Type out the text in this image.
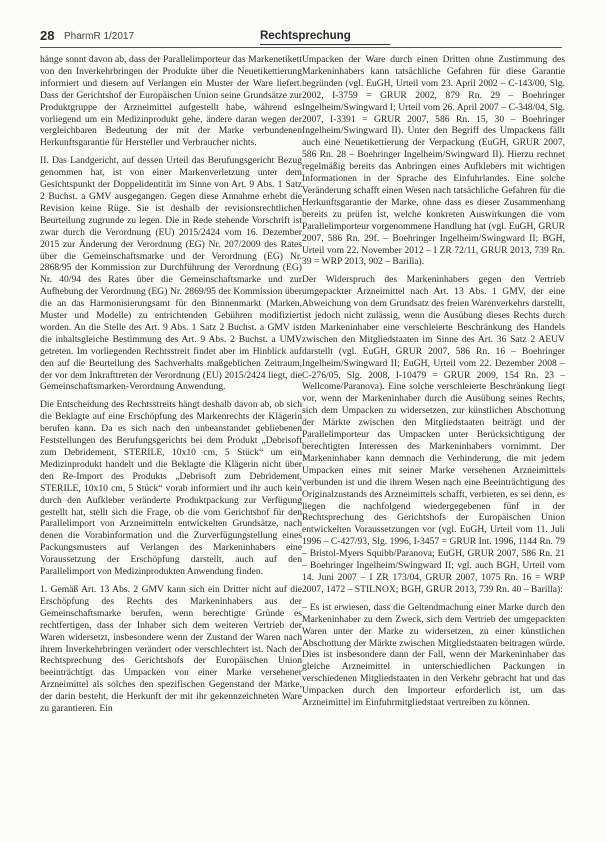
28 PharmR 1/2017	Rechtsprechung

hänge sonnt davon ab, dass der Parallelimporteur das Markenetikett von den Inverkehrbringen der Produkte über die Neuetikettierung informiert und diesem auf Verlangen ein Muster der Ware liefert. Dass der Gerichtshof der Europäischen Union seine Grundsätze zur Produktgruppe der Arzneimittel aufgestellt habe, während es vorliegend um ein Medizinprodukt gehe, ändere daran wegen der vergleichbaren Bedeutung der mit der Marke verbundenen Herkunftsgarantie für Hersteller und Verbraucher nichts.

II. Das Landgericht, auf dessen Urteil das Berufungsgericht Bezug genommen hat, ist von einer Markenverletzung unter dem Gesichtspunkt der Doppelidentität im Sinne von Art. 9 Abs. 1 Satz 2 Buchst. a GMV ausgegangen. Gegen diese Annahme erhebt die Revision keine Rüge. Sie ist deshalb der revisionsrechtlichen Beurteilung zugrunde zu legen. Die in Rede stehende Vorschrift ist zwar durch die Verordnung (EU) 2015/2424 vom 16. Dezember 2015 zur Änderung der Verordnung (EG) Nr. 207/2009 des Rates über die Gemeinschaftsmarke und der Verordnung (EG) Nr. 2868/95 der Kommission zur Durchführung der Verordnung (EG) Nr. 40/94 des Rates über die Gemeinschaftsmarke und zur Aufhebung der Verordnung (EG) Nr. 2869/95 der Kommission über die an das Harmonisierungsamt für den Binnenmarkt (Marken, Muster und Modelle) zu entrichtenden Gebühren modifiziert worden. An die Stelle des Art. 9 Abs. 1 Satz 2 Buchst. a GMV ist die inhaltsgleiche Bestimmung des Art. 9 Abs. 2 Buchst. a UMV getreten. Im vorliegenden Rechtsstreit findet aber im Hinblick auf den auf die Beurteilung des Sachverhalts maßgeblichen Zeitraum, der vor dem Inkrafttreten der Verordnung (EU) 2015/2424 liegt, die Gemeinschaftsmarken-Verordnung Anwendung.

Die Entscheidung des Rechtsstreits hängt deshalb davon ab, ob sich die Beklagte auf eine Erschöpfung des Markenrechts der Klägerin berufen kann. Da es sich nach den unbeanstandet gebliebenen Feststellungen des Berufungsgerichts bei dem Produkt „Debrisoft zum Debridement, STERILE, 10x10 cm, 5 Stück“ um ein Medizinprodukt handelt und die Beklagte die Klägerin nicht über den Re-Import des Produkts „Debrisoft zum Debridement, STERILE, 10x10 cm, 5 Stück“ vorab informiert und ihr auch kein durch den Aufkleber veränderte Produktpackung zur Verfügung gestellt hat, stellt sich die Frage, ob die vom Gerichtshof für den Parallelimport von Arzneimitteln entwickelten Grundsätze, nach denen die Vorabinformation und die Zurverfügungstellung eines Packungsmusters auf Verlangen des Markeninhabers eine Voraussetzung der Erschöpfung darstellt, auch auf den Parallelimport von Medizinprodukten Anwendung finden.

1. Gemäß Art. 13 Abs. 2 GMV kann sich ein Dritter nicht auf die Erschöpfung des Rechts des Markeninhabers aus der Gemeinschaftsmarke berufen, wenn berechtigte Gründe es rechtfertigen, dass der Inhaber sich dem weiteren Vertrieb der Waren widersetzt, insbesondere wenn der Zustand der Waren nach ihrem Inverkehrbringen verändert oder verschlechtert ist. Nach der Rechtsprechung des Gerichtshofs der Europäischen Union beeinträchtigt das Umpacken von einer Marke versehener Arzneimittel als solches den spezifischen Gegenstand der Marke, der darin besteht, die Herkunft der mit ihr gekennzeichneten Ware zu garantieren. Ein

Umpacken der Ware durch einen Dritten ohne Zustimmung des Markeninhabers kann tatsächliche Gefahren für diese Garantie begründen (vgl. EuGH, Urteil vom 23. April 2002 – C-143/00, Slg. 2002, I-3759 = GRUR 2002, 879 Rn. 29 – Boehringer Ingelheim/Swingward I; Urteil vom 26. April 2007 – C-348/04, Slg. 2007, I-3391 = GRUR 2007, 586 Rn. 15, 30 – Boehringer Ingelheim/Swingward II). Unter den Begriff des Umpackens fällt auch eine Neuetikettierung der Verpackung (EuGH, GRUR 2007, 586 Rn. 28 – Boehringer Ingelheim/Swingward II). Hierzu rechnet regelmäßig bereits das Anbringen eines Aufklebers mit wichtigen Informationen in der Sprache des Einfuhrlandes. Eine solche Veränderung schafft einen Wesen nach tatsächliche Gefahren für die Herkunftsgarantie der Marke, ohne dass es dieser Zusammenhang bereits zu prüfen ist, welche konkreten Auswirkungen die vom Parallelimporteur vorgenommene Handlung hat (vgl. EuGH, GRUR 2007, 586 Rn. 29f. – Boehringer Ingelheim/Swingward II; BGH, Urteil vom 22. November 2012 – I ZR 72/11, GRUR 2013, 739 Rn. 39 = WRP 2013, 902 – Barilla).

Der Widerspruch des Markeninhabers gegen den Vertrieb umgepackter Arzneimittel nach Art. 13 Abs. 1 GMV, der eine Abweichung von dem Grundsatz des freien Warenverkehrs darstellt, ist jedoch nicht zulässig, wenn die Ausübung dieses Rechts durch den Markeninhaber eine verschleierte Beschränkung des Handels zwischen den Mitgliedstaaten im Sinne des Art. 36 Satz 2 AEUV darstellt (vgl. EuGH, GRUR 2007, 586 Rn. 16 – Boehringer Ingelheim/Swingward II; EuGH, Urteil vom 22. Dezember 2008 – C-276/05, Slg. 2008, I-10479 = GRUR 2009, 154 Rn. 23 – Wellcome/Paranova). Eine solche verschleierte Beschränkung liegt vor, wenn der Markeninhaber durch die Ausübung seines Rechts, sich dem Umpacken zu widersetzen, zur künstlichen Abschottung der Märkte zwischen den Mitgliedstaaten beiträgt und der Parallelimporteur das Umpacken unter Berücksichtigung der berechtigten Interessen des Markeninhabers vornimmt. Der Markeninhaber kann demnach die Verhinderung, die mit jedem Umpacken eines mit seiner Marke versehenen Arzneimittels verbunden ist und die ihrem Wesen nach eine Beeinträchtigung des Originalzustands des Arzneimittels schafft, verbieten, es sei denn, es liegen die nachfolgend wiedergegebenen fünf in der Rechtsprechung des Gerichtshofs der Europäischen Union entwickelten Voraussetzungen vor (vgl. EuGH, Urteil vom 11. Juli 1996 – C-427/93, Slg. 1996, I-3457 = GRUR Int. 1996, 1144 Rn. 79 – Bristol-Myers Squibb/Paranova; EuGH, GRUR 2007, 586 Rn. 21 – Boehringer Ingelheim/Swingward II; vgl. auch BGH, Urteil vom 14. Juni 2007 – I ZR 173/04, GRUR 2007, 1075 Rn. 16 = WRP 2007, 1472 – STILNOX; BGH, GRUR 2013, 739 Rn. 40 – Barilla):

– Es ist erwiesen, dass die Geltendmachung einer Marke durch den Markeninhaber zu dem Zweck, sich dem Vertrieb der umgepackten Waren unter der Marke zu widersetzen, zu einer künstlichen Abschottung der Märkte zwischen Mitgliedstaaten beitragen würde. Dies ist insbesondere dann der Fall, wenn der Markeninhaber das gleiche Arzneimittel in unterschiedlichen Packungen in verschiedenen Mitgliedstaaten in den Verkehr gebracht hat und das Umpacken durch den Importeur erforderlich ist, um das Arzneimittel im Einfuhrmitgliedstaat vertreiben zu können.
